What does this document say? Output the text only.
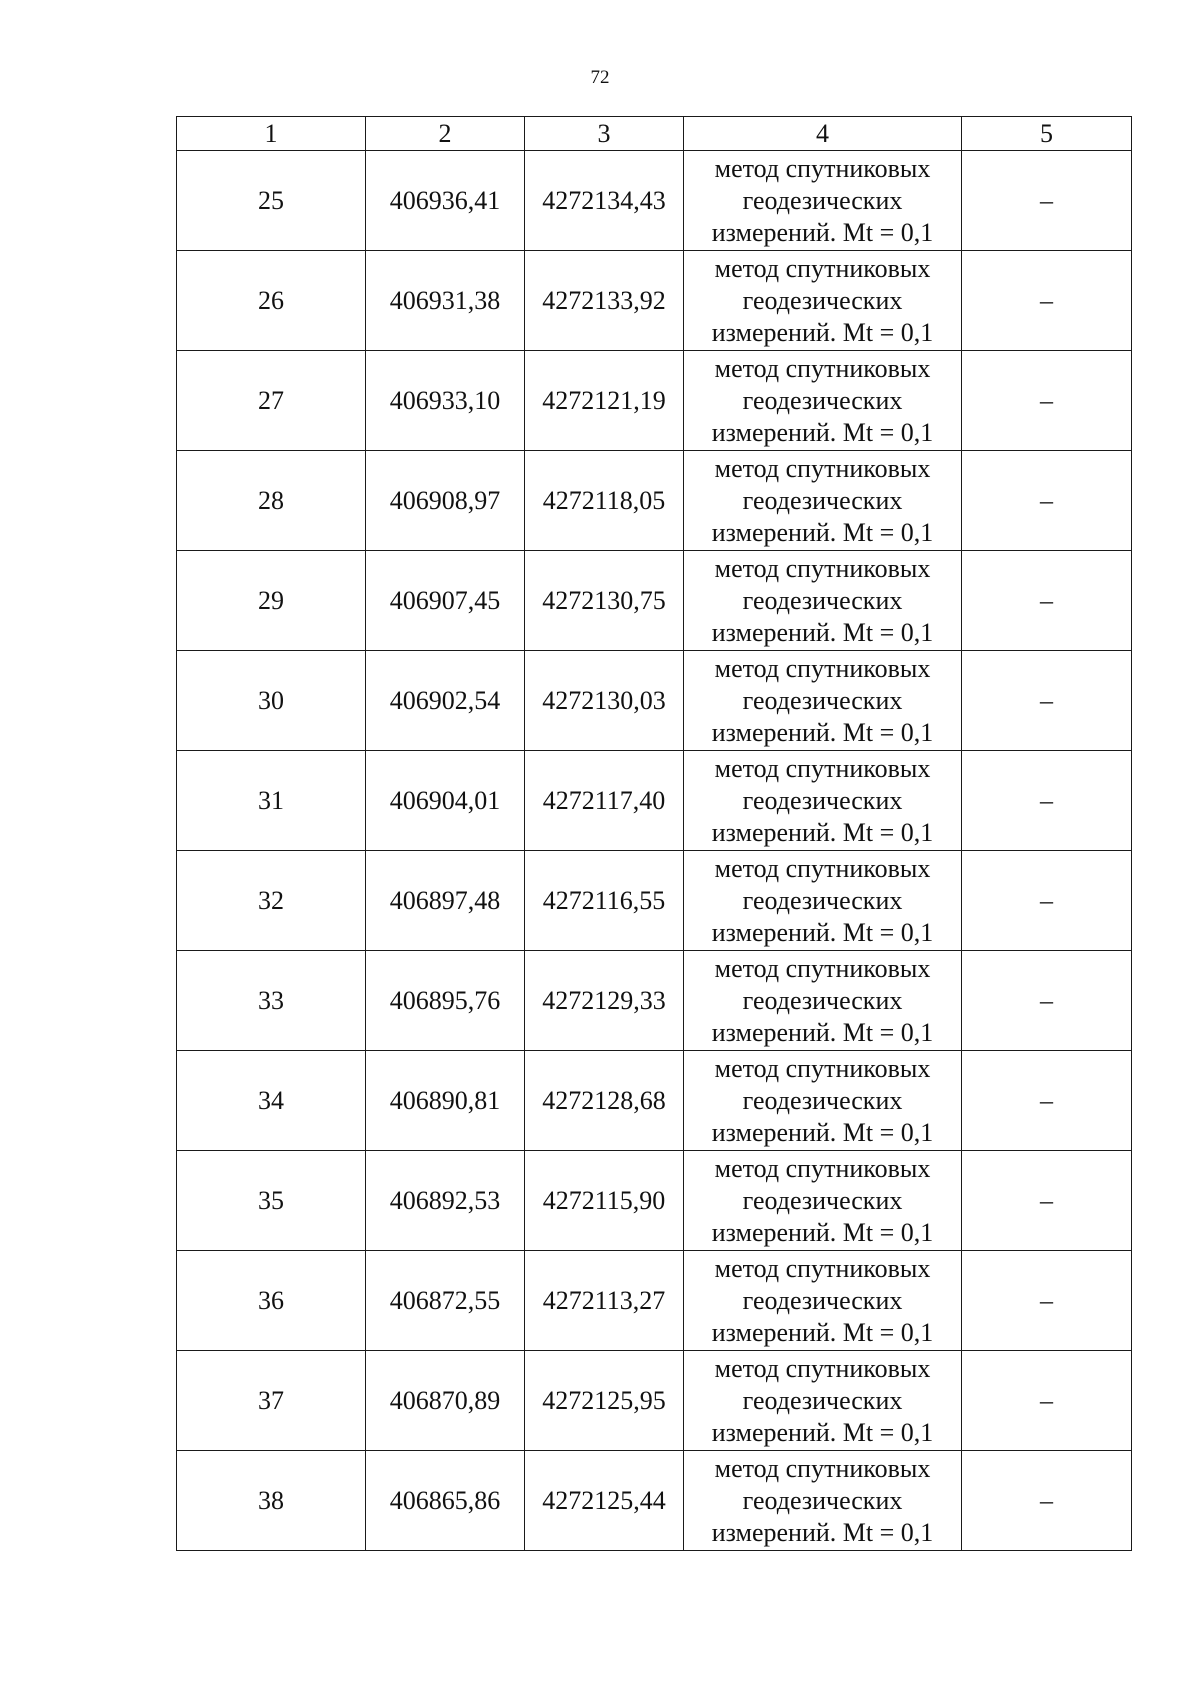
72
1	2	3	4	5
25	406936,41	4272134,43	метод спутниковых
геодезических
измерений. Mt = 0,1	–
26	406931,38	4272133,92	метод спутниковых
геодезических
измерений. Mt = 0,1	–
27	406933,10	4272121,19	метод спутниковых
геодезических
измерений. Mt = 0,1	–
28	406908,97	4272118,05	метод спутниковых
геодезических
измерений. Mt = 0,1	–
29	406907,45	4272130,75	метод спутниковых
геодезических
измерений. Mt = 0,1	–
30	406902,54	4272130,03	метод спутниковых
геодезических
измерений. Mt = 0,1	–
31	406904,01	4272117,40	метод спутниковых
геодезических
измерений. Mt = 0,1	–
32	406897,48	4272116,55	метод спутниковых
геодезических
измерений. Mt = 0,1	–
33	406895,76	4272129,33	метод спутниковых
геодезических
измерений. Mt = 0,1	–
34	406890,81	4272128,68	метод спутниковых
геодезических
измерений. Mt = 0,1	–
35	406892,53	4272115,90	метод спутниковых
геодезических
измерений. Mt = 0,1	–
36	406872,55	4272113,27	метод спутниковых
геодезических
измерений. Mt = 0,1	–
37	406870,89	4272125,95	метод спутниковых
геодезических
измерений. Mt = 0,1	–
38	406865,86	4272125,44	метод спутниковых
геодезических
измерений. Mt = 0,1	–
